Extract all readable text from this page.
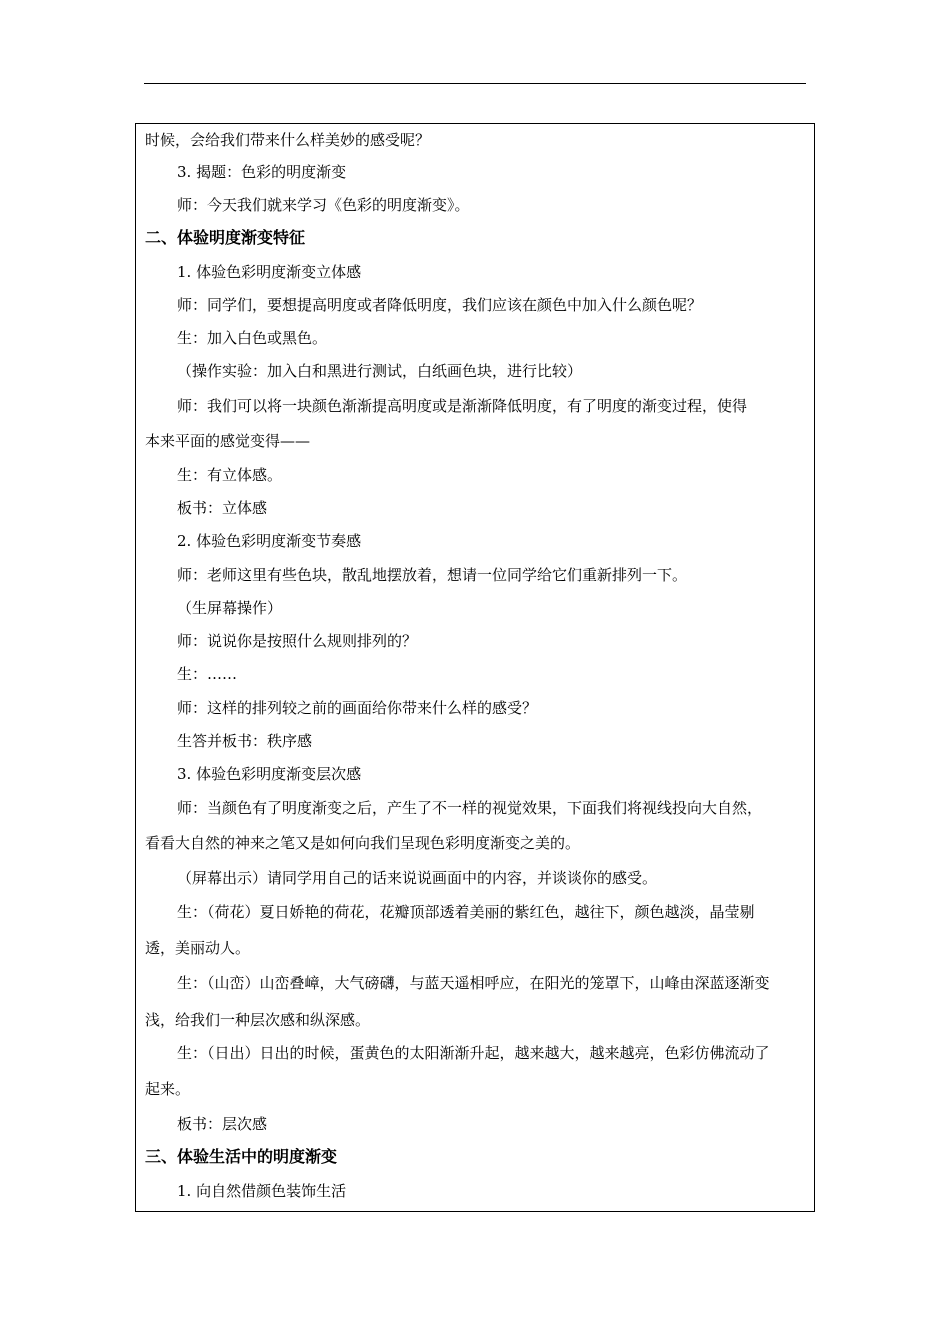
时候，会给我们带来什么样美妙的感受呢？
3. 揭题：色彩的明度渐变
师：今天我们就来学习《色彩的明度渐变》。
二、体验明度渐变特征
1. 体验色彩明度渐变立体感
师：同学们，要想提高明度或者降低明度，我们应该在颜色中加入什么颜色呢？
生：加入白色或黑色。
（操作实验：加入白和黑进行测试，白纸画色块，进行比较）
师：我们可以将一块颜色渐渐提高明度或是渐渐降低明度，有了明度的渐变过程，使得
本来平面的感觉变得——
生：有立体感。
板书：立体感
2. 体验色彩明度渐变节奏感
师：老师这里有些色块，散乱地摆放着，想请一位同学给它们重新排列一下。
（生屏幕操作）
师：说说你是按照什么规则排列的？
生：……
师：这样的排列较之前的画面给你带来什么样的感受？
生答并板书：秩序感
3. 体验色彩明度渐变层次感
师：当颜色有了明度渐变之后，产生了不一样的视觉效果，下面我们将视线投向大自然，
看看大自然的神来之笔又是如何向我们呈现色彩明度渐变之美的。
（屏幕出示）请同学用自己的话来说说画面中的内容，并谈谈你的感受。
生：（荷花）夏日娇艳的荷花，花瓣顶部透着美丽的紫红色，越往下，颜色越淡，晶莹剔
透，美丽动人。
生：（山峦）山峦叠嶂，大气磅礴，与蓝天遥相呼应，在阳光的笼罩下，山峰由深蓝逐渐变
浅，给我们一种层次感和纵深感。
生：（日出）日出的时候，蛋黄色的太阳渐渐升起，越来越大，越来越亮，色彩仿佛流动了
起来。
板书：层次感
三、体验生活中的明度渐变
1. 向自然借颜色装饰生活
